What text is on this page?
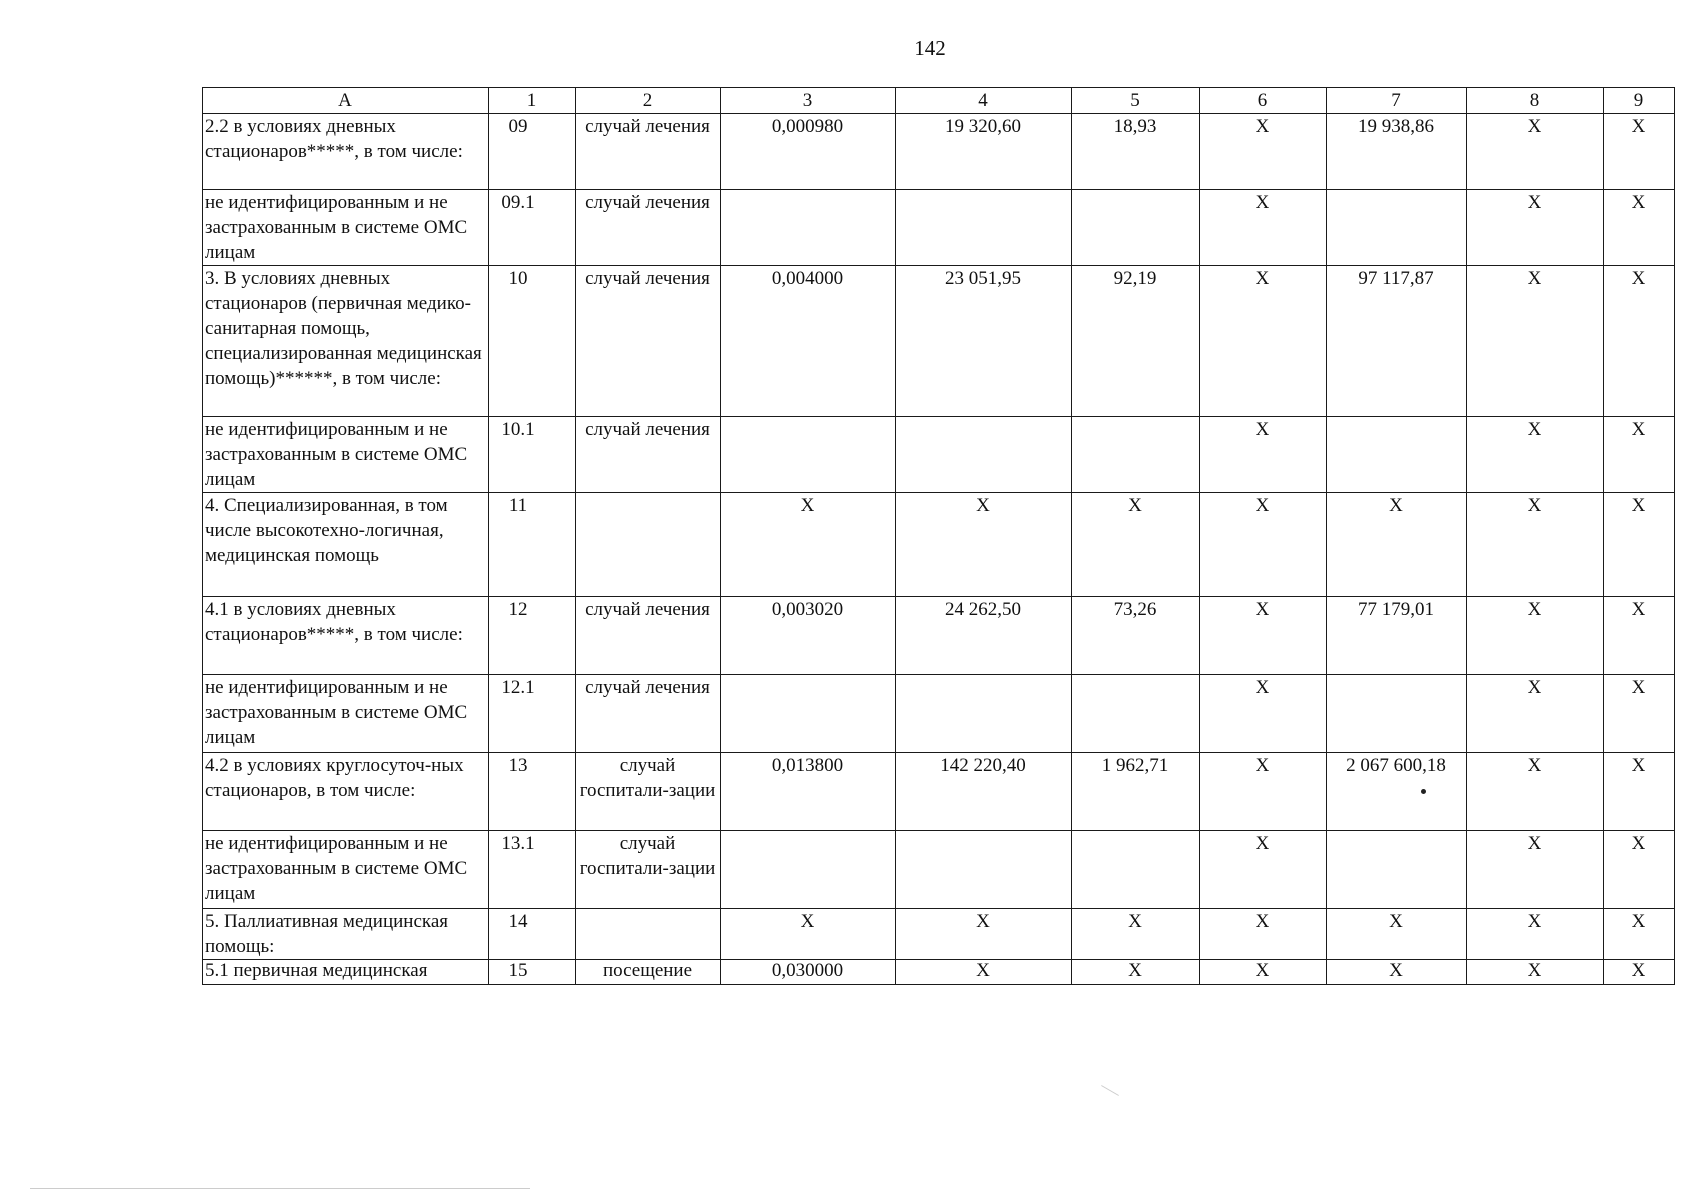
142
А	1	2	3	4	5	6	7	8	9
2.2 в условиях дневных стационаров*****, в том числе:	09	случай лечения	0,000980	19 320,60	18,93	Х	19 938,86	Х	Х
не идентифицированным и не застрахованным в системе ОМС лицам	09.1	случай лечения				Х		Х	Х
3. В условиях дневных стационаров (первичная медико-санитарная помощь, специализированная медицинская помощь)******, в том числе:	10	случай лечения	0,004000	23 051,95	92,19	Х	97 117,87	Х	Х
не идентифицированным и не застрахованным в системе ОМС лицам	10.1	случай лечения				Х		Х	Х
4. Специализированная, в том числе высокотехно-логичная, медицинская помощь	11		Х	Х	Х	Х	Х	Х	Х
4.1 в условиях дневных стационаров*****, в том числе:	12	случай лечения	0,003020	24 262,50	73,26	Х	77 179,01	Х	Х
не идентифицированным и не застрахованным в системе ОМС лицам	12.1	случай лечения				Х		Х	Х
4.2 в условиях круглосуточ-ных стационаров, в том числе:	13	случай госпитали-зации	0,013800	142 220,40	1 962,71	Х	2 067 600,18	Х	Х
не идентифицированным и не застрахованным в системе ОМС лицам	13.1	случай госпитали-зации				Х		Х	Х
5. Паллиативная медицинская помощь:	14		Х	Х	Х	Х	Х	Х	Х
5.1 первичная медицинская	15	посещение	0,030000	Х	Х	Х	Х	Х	Х
